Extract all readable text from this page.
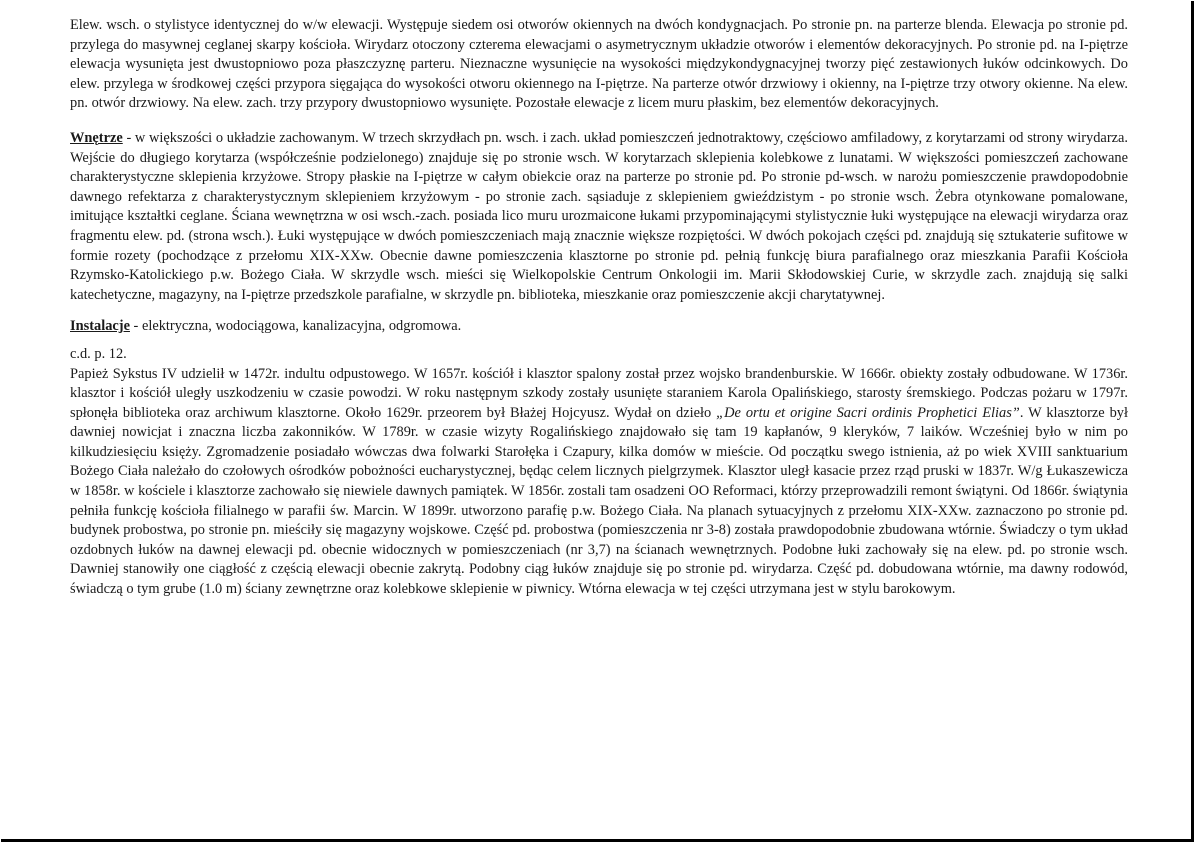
Elew. wsch. o stylistyce identycznej do w/w elewacji. Występuje siedem osi otworów okiennych na dwóch kondygnacjach. Po stronie pn. na parterze blenda. Elewacja po stronie pd. przylega do masywnej ceglanej skarpy kościoła. Wirydarz otoczony czterema elewacjami o asymetrycznym układzie otworów i elementów dekoracyjnych. Po stronie pd. na I-piętrze elewacja wysunięta jest dwustopniowo poza płaszczyznę parteru. Nieznaczne wysunięcie na wysokości międzykondygnacyjnej tworzy pięć zestawionych łuków odcinkowych. Do elew. przylega w środkowej części przypora sięgająca do wysokości otworu okiennego na I-piętrze. Na parterze otwór drzwiowy i okienny, na I-piętrze trzy otwory okienne. Na elew. pn. otwór drzwiowy. Na elew. zach. trzy przypory dwustopniowo wysunięte. Pozostałe elewacje z licem muru płaskim, bez elementów dekoracyjnych.

Wnętrze - w większości o układzie zachowanym. W trzech skrzydłach pn. wsch. i zach. układ pomieszczeń jednotraktowy, częściowo amfiladowy, z korytarzami od strony wirydarza. Wejście do długiego korytarza (współcześnie podzielonego) znajduje się po stronie wsch. W korytarzach sklepienia kolebkowe z lunatami. W większości pomieszczeń zachowane charakterystyczne sklepienia krzyżowe. Stropy płaskie na I-piętrze w całym obiekcie oraz na parterze po stronie pd. Po stronie pd-wsch. w narożu pomieszczenie prawdopodobnie dawnego refektarza z charakterystycznym sklepieniem krzyżowym - po stronie zach. sąsiaduje z sklepieniem gwieździstym - po stronie wsch. Żebra otynkowane pomalowane, imitujące kształtki ceglane. Ściana wewnętrzna w osi wsch.-zach. posiada lico muru urozmaicone łukami przypominającymi stylistycznie łuki występujące na elewacji wirydarza oraz fragmentu elew. pd. (strona wsch.). Łuki występujące w dwóch pomieszczeniach mają znacznie większe rozpiętości. W dwóch pokojach części pd. znajdują się sztukaterie sufitowe w formie rozety (pochodzące z przełomu XIX-XXw. Obecnie dawne pomieszczenia klasztorne po stronie pd. pełnią funkcję biura parafialnego oraz mieszkania Parafii Kościoła Rzymsko-Katolickiego p.w. Bożego Ciała. W skrzydle wsch. mieści się Wielkopolskie Centrum Onkologii im. Marii Skłodowskiej Curie, w skrzydle zach. znajdują się salki katechetyczne, magazyny, na I-piętrze przedszkole parafialne, w skrzydle pn. biblioteka, mieszkanie oraz pomieszczenie akcji charytatywnej.

Instalacje - elektryczna, wodociągowa, kanalizacyjna, odgromowa.

c.d. p. 12.

Papież Sykstus IV udzielił w 1472r. indultu odpustowego. W 1657r. kościół i klasztor spalony został przez wojsko brandenburskie. W 1666r. obiekty zostały odbudowane. W 1736r. klasztor i kościół uległy uszkodzeniu w czasie powodzi. W roku następnym szkody zostały usunięte staraniem Karola Opalińskiego, starosty śremskiego. Podczas pożaru w 1797r. spłonęła biblioteka oraz archiwum klasztorne. Około 1629r. przeorem był Błażej Hojcyusz. Wydał on dzieło „De ortu et origine Sacri ordinis Prophetici Elias”. W klasztorze był dawniej nowicjat i znaczna liczba zakonników. W 1789r. w czasie wizyty Rogalińskiego znajdowało się tam 19 kapłanów, 9 kleryków, 7 laików. Wcześniej było w nim po kilkudziesięciu księży. Zgromadzenie posiadało wówczas dwa folwarki Starołęka i Czapury, kilka domów w mieście. Od początku swego istnienia, aż po wiek XVIII sanktuarium Bożego Ciała należało do czołowych ośrodków pobożności eucharystycznej, będąc celem licznych pielgrzymek. Klasztor uległ kasacie przez rząd pruski w 1837r. W/g Łukaszewicza w 1858r. w kościele i klasztorze zachowało się niewiele dawnych pamiątek. W 1856r. zostali tam osadzeni OO Reformaci, którzy przeprowadzili remont świątyni. Od 1866r. świątynia pełniła funkcję kościoła filialnego w parafii św. Marcin. W 1899r. utworzono parafię p.w. Bożego Ciała. Na planach sytuacyjnych z przełomu XIX-XXw. zaznaczono po stronie pd. budynek probostwa, po stronie pn. mieściły się magazyny wojskowe. Część pd. probostwa (pomieszczenia nr 3-8) została prawdopodobnie zbudowana wtórnie. Świadczy o tym układ ozdobnych łuków na dawnej elewacji pd. obecnie widocznych w pomieszczeniach (nr 3,7) na ścianach wewnętrznych. Podobne łuki zachowały się na elew. pd. po stronie wsch. Dawniej stanowiły one ciągłość z częścią elewacji obecnie zakrytą. Podobny ciąg łuków znajduje się po stronie pd. wirydarza. Część pd. dobudowana wtórnie, ma dawny rodowód, świadczą o tym grube (1.0 m) ściany zewnętrzne oraz kolebkowe sklepienie w piwnicy. Wtórna elewacja w tej części utrzymana jest w stylu barokowym.
